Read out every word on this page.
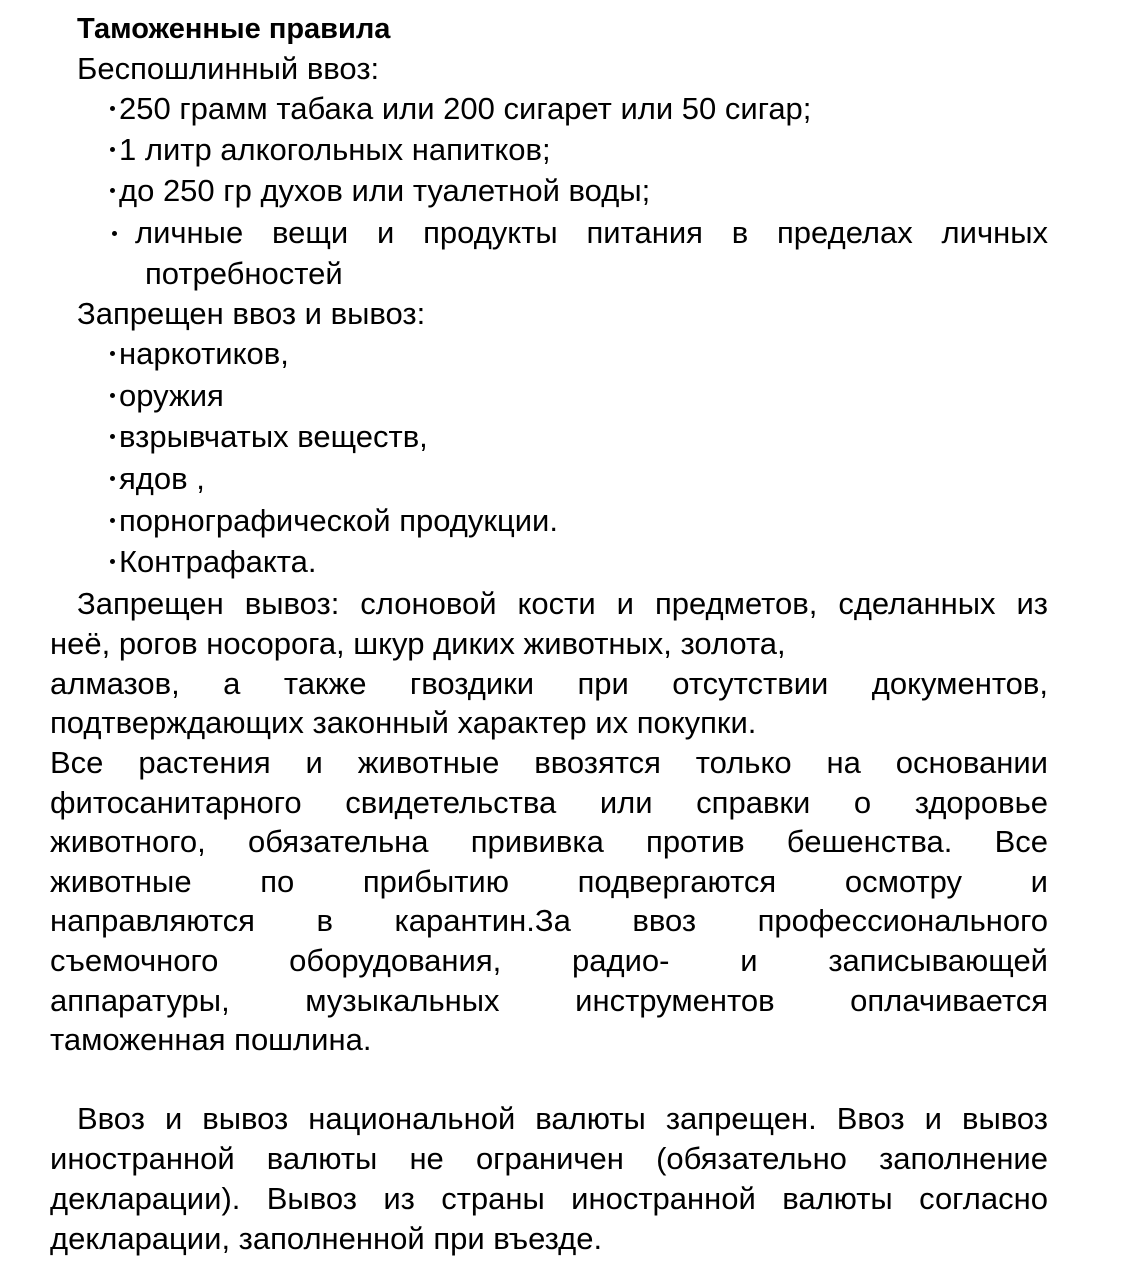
Таможенные правила
Беспошлинный ввоз:
250 грамм табака или 200 сигарет или 50 сигар;
1 литр алкогольных напитков;
до 250 гр духов или туалетной воды;
личные вещи и продукты питания в пределах личных
потребностей
Запрещен ввоз и вывоз:
наркотиков,
оружия
взрывчатых веществ,
ядов ,
порнографической продукции.
Контрафакта.
Запрещен вывоз: слоновой кости и предметов, сделанных из
неё, рогов носорога, шкур диких животных, золота,
алмазов, а также гвоздики при отсутствии документов,
подтверждающих законный характер их покупки.
Все растения и животные ввозятся только на основании
фитосанитарного свидетельства или справки о здоровье
животного, обязательна прививка против бешенства. Все
животные по прибытию подвергаются осмотру и
направляются в карантин.За ввоз профессионального
съемочного оборудования, радио- и записывающей
аппаратуры, музыкальных инструментов оплачивается
таможенная пошлина.
Ввоз и вывоз национальной валюты запрещен. Ввоз и вывоз
иностранной валюты не ограничен (обязательно заполнение
декларации). Вывоз из страны иностранной валюты согласно
декларации, заполненной при въезде.
